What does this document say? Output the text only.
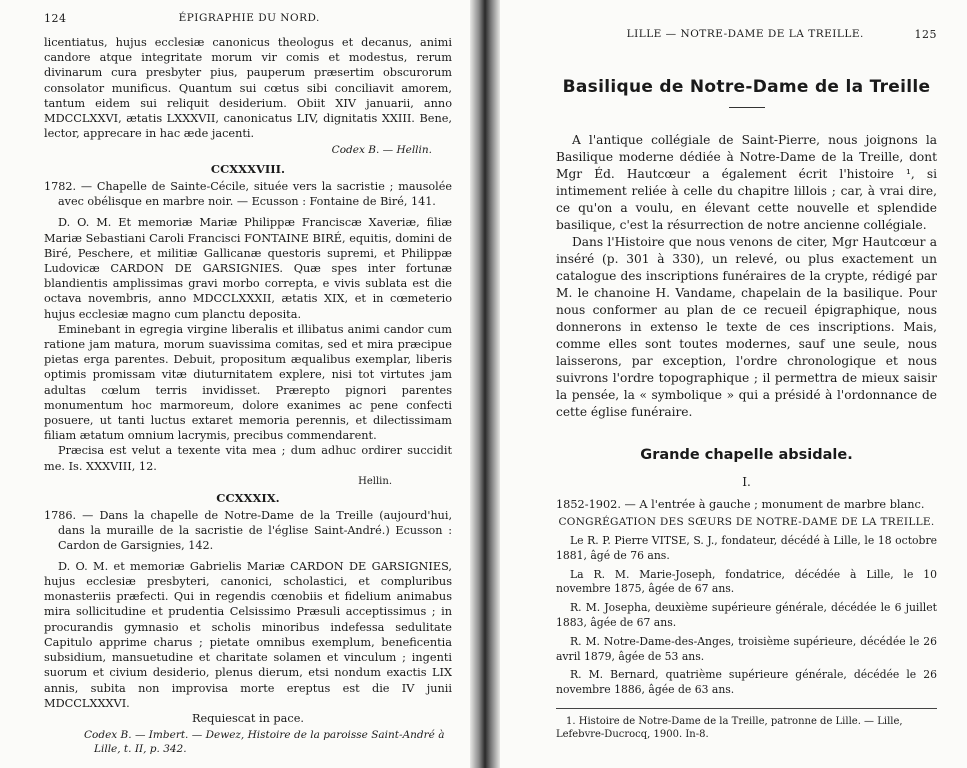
124	ÉPIGRAPHIE DU NORD.

licentiatus, hujus ecclesiæ canonicus theologus et decanus, animi candore atque integritate morum vir comis et modestus, rerum divinarum cura presbyter pius, pauperum præsertim obscurorum consolator munificus. Quantum sui cœtus sibi conciliavit amorem, tantum eidem sui reliquit desiderium. Obiit XIV januarii, anno MDCCLXXVI, ætatis LXXXVII, canonicatus LIV, dignitatis XXIII. Bene, lector, apprecare in hac æde jacenti.

Codex B. — Hellin.

CCXXXVIII.

1782. — Chapelle de Sainte-Cécile, située vers la sacristie ; mausolée avec obélisque en marbre noir. — Ecusson : Fontaine de Biré, 141.

D. O. M. Et memoriæ Mariæ Philippæ Franciscæ Xaveriæ, filiæ Mariæ Sebastiani Caroli Francisci FONTAINE BIRÉ, equitis, domini de Biré, Peschere, et militiæ Gallicanæ questoris supremi, et Philippæ Ludovicæ CARDON DE GARSIGNIES. Quæ spes inter fortunæ blandientis amplissimas gravi morbo correpta, e vivis sublata est die octava novembris, anno MDCCLXXXII, ætatis XIX, et in cœmeterio hujus ecclesiæ magno cum planctu deposita.

Eminebant in egregia virgine liberalis et illibatus animi candor cum ratione jam matura, morum suavissima comitas, sed et mira præcipue pietas erga parentes. Debuit, propositum æqualibus exemplar, liberis optimis promissam vitæ diuturnitatem explere, nisi tot virtutes jam adultas cœlum terris invidisset. Prærepto pignori parentes monumentum hoc marmoreum, dolore exanimes ac pene confecti posuere, ut tanti luctus extaret memoria perennis, et dilectissimam filiam ætatum omnium lacrymis, precibus commendarent.

Præcisa est velut a texente vita mea ; dum adhuc ordirer succidit me. Is. XXXVIII, 12.

Hellin.

CCXXXIX.

1786. — Dans la chapelle de Notre-Dame de la Treille (aujourd'hui, dans la muraille de la sacristie de l'église Saint-André.) Ecusson : Cardon de Garsignies, 142.

D. O. M. et memoriæ Gabrielis Mariæ CARDON DE GARSIGNIES, hujus ecclesiæ presbyteri, canonici, scholastici, et compluribus monasteriis præfecti. Qui in regendis cœnobiis et fidelium animabus mira sollicitudine et prudentia Celsissimo Præsuli acceptissimus ; in procurandis gymnasio et scholis minoribus indefessa sedulitate Capitulo apprime charus ; pietate omnibus exemplum, beneficentia subsidium, mansuetudine et charitate solamen et vinculum ; ingenti suorum et civium desiderio, plenus dierum, etsi nondum exactis LIX annis, subita non improvisa morte ereptus est die IV junii MDCCLXXXVI.

Requiescat in pace.

Codex B. — Imbert. — Dewez, Histoire de la paroisse Saint-André à Lille, t. II, p. 342.

LILLE — NOTRE-DAME DE LA TREILLE.	125
Basilique de Notre-Dame de la Treille

A l'antique collégiale de Saint-Pierre, nous joignons la Basilique moderne dédiée à Notre-Dame de la Treille, dont Mgr Éd. Hautcœur a également écrit l'histoire ¹, si intimement reliée à celle du chapitre lillois ; car, à vrai dire, ce qu'on a voulu, en élevant cette nouvelle et splendide basilique, c'est la résurrection de notre ancienne collégiale.

Dans l'Histoire que nous venons de citer, Mgr Hautcœur a inséré (p. 301 à 330), un relevé, ou plus exactement un catalogue des inscriptions funéraires de la crypte, rédigé par M. le chanoine H. Vandame, chapelain de la basilique. Pour nous conformer au plan de ce recueil épigraphique, nous donnerons in extenso le texte de ces inscriptions. Mais, comme elles sont toutes modernes, sauf une seule, nous laisserons, par exception, l'ordre chronologique et nous suivrons l'ordre topographique ; il permettra de mieux saisir la pensée, la « symbolique » qui a présidé à l'ordonnance de cette église funéraire.

Grande chapelle absidale.

I.

1852-1902. — A l'entrée à gauche ; monument de marbre blanc.

CONGRÉGATION DES SŒURS DE NOTRE-DAME DE LA TREILLE.

Le R. P. Pierre VITSE, S. J., fondateur, décédé à Lille, le 18 octobre 1881, âgé de 76 ans.

La R. M. Marie-Joseph, fondatrice, décédée à Lille, le 10 novembre 1875, âgée de 67 ans.

R. M. Josepha, deuxième supérieure générale, décédée le 6 juillet 1883, âgée de 67 ans.

R. M. Notre-Dame-des-Anges, troisième supérieure, décédée le 26 avril 1879, âgée de 53 ans.

R. M. Bernard, quatrième supérieure générale, décédée le 26 novembre 1886, âgée de 63 ans.

1. Histoire de Notre-Dame de la Treille, patronne de Lille. — Lille, Lefebvre-Ducrocq, 1900. In-8.
